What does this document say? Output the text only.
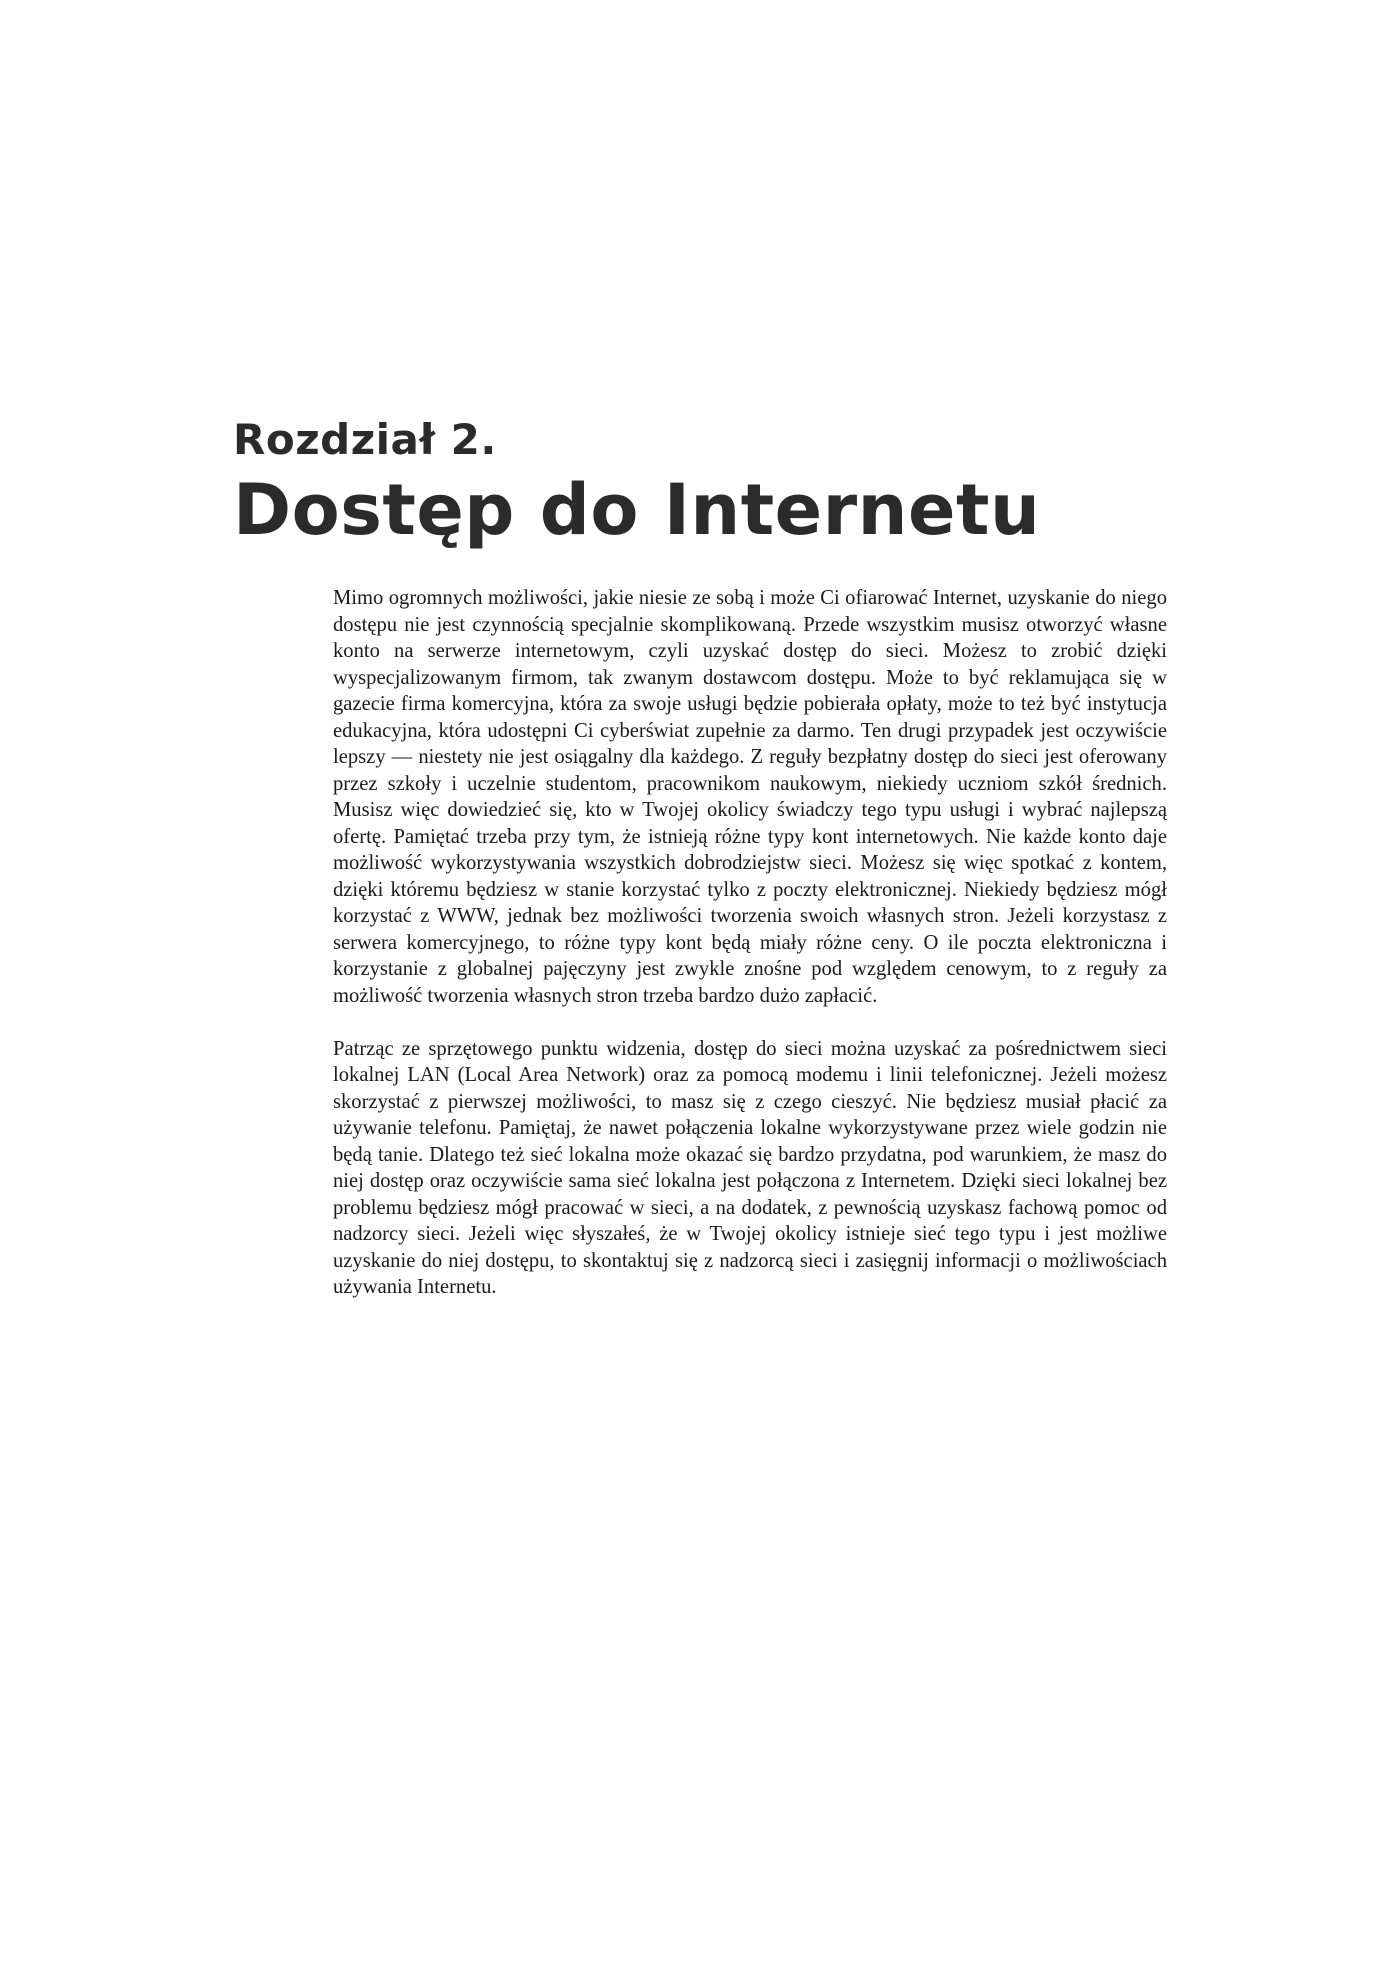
Rozdział 2.
Dostęp do Internetu

Mimo ogromnych możliwości, jakie niesie ze sobą i może Ci ofiarować Internet, uzyskanie do niego dostępu nie jest czynnością specjalnie skomplikowaną. Przede wszystkim musisz otworzyć własne konto na serwerze internetowym, czyli uzyskać dostęp do sieci. Możesz to zrobić dzięki wyspecjalizowanym firmom, tak zwanym dostawcom dostępu. Może to być reklamująca się w gazecie firma komercyjna, która za swoje usługi będzie pobierała opłaty, może to też być instytucja edukacyjna, która udostępni Ci cyberświat zupełnie za darmo. Ten drugi przypadek jest oczywiście lepszy — niestety nie jest osiągalny dla każdego. Z reguły bezpłatny dostęp do sieci jest oferowany przez szkoły i uczelnie studentom, pracownikom naukowym, niekiedy uczniom szkół średnich. Musisz więc dowiedzieć się, kto w Twojej okolicy świadczy tego typu usługi i wybrać najlepszą ofertę. Pamiętać trzeba przy tym, że istnieją różne typy kont internetowych. Nie każde konto daje możliwość wykorzystywania wszystkich dobrodziejstw sieci. Możesz się więc spotkać z kontem, dzięki któremu będziesz w stanie korzystać tylko z poczty elektronicznej. Niekiedy będziesz mógł korzystać z WWW, jednak bez możliwości tworzenia swoich własnych stron. Jeżeli korzystasz z serwera komercyjnego, to różne typy kont będą miały różne ceny. O ile poczta elektroniczna i korzystanie z globalnej pajęczyny jest zwykle znośne pod względem cenowym, to z reguły za możliwość tworzenia własnych stron trzeba bardzo dużo zapłacić.

Patrząc ze sprzętowego punktu widzenia, dostęp do sieci można uzyskać za pośrednictwem sieci lokalnej LAN (Local Area Network) oraz za pomocą modemu i linii telefonicznej. Jeżeli możesz skorzystać z pierwszej możliwości, to masz się z czego cieszyć. Nie będziesz musiał płacić za używanie telefonu. Pamiętaj, że nawet połączenia lokalne wykorzystywane przez wiele godzin nie będą tanie. Dlatego też sieć lokalna może okazać się bardzo przydatna, pod warunkiem, że masz do niej dostęp oraz oczywiście sama sieć lokalna jest połączona z Internetem. Dzięki sieci lokalnej bez problemu będziesz mógł pracować w sieci, a na dodatek, z pewnością uzyskasz fachową pomoc od nadzorcy sieci. Jeżeli więc słyszałeś, że w Twojej okolicy istnieje sieć tego typu i jest możliwe uzyskanie do niej dostępu, to skontaktuj się z nadzorcą sieci i zasięgnij informacji o możliwościach używania Internetu.
